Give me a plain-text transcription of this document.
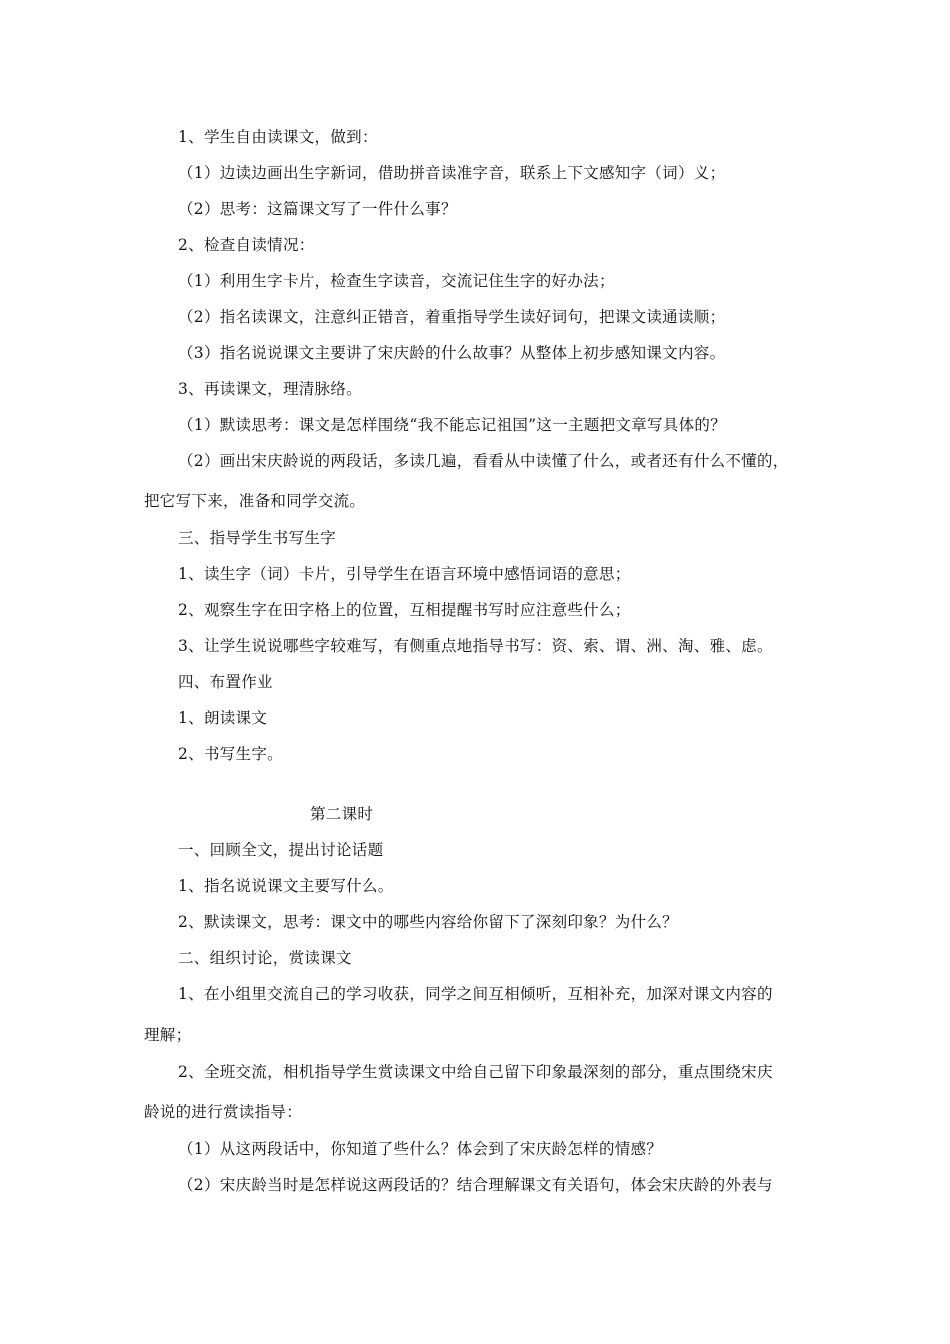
1、学生自由读课文，做到：
（1）边读边画出生字新词，借助拼音读准字音，联系上下文感知字（词）义；
（2）思考：这篇课文写了一件什么事？
2、检查自读情况：
（1）利用生字卡片，检查生字读音，交流记住生字的好办法；
（2）指名读课文，注意纠正错音，着重指导学生读好词句，把课文读通读顺；
（3）指名说说课文主要讲了宋庆龄的什么故事？从整体上初步感知课文内容。
3、再读课文，理清脉络。
（1）默读思考：课文是怎样围绕“我不能忘记祖国”这一主题把文章写具体的？
（2）画出宋庆龄说的两段话，多读几遍，看看从中读懂了什么，或者还有什么不懂的，
把它写下来，准备和同学交流。
三、指导学生书写生字
1、读生字（词）卡片，引导学生在语言环境中感悟词语的意思；
2、观察生字在田字格上的位置，互相提醒书写时应注意些什么；
3、让学生说说哪些字较难写，有侧重点地指导书写：资、索、谓、洲、淘、雅、虑。
四、布置作业
1、朗读课文
2、书写生字。
第二课时
一、回顾全文，提出讨论话题
1、指名说说课文主要写什么。
2、默读课文，思考：课文中的哪些内容给你留下了深刻印象？为什么？
二、组织讨论，赏读课文
1、在小组里交流自己的学习收获，同学之间互相倾听，互相补充，加深对课文内容的
理解；
2、全班交流，相机指导学生赏读课文中给自己留下印象最深刻的部分，重点围绕宋庆
龄说的进行赏读指导：
（1）从这两段话中，你知道了些什么？体会到了宋庆龄怎样的情感？
（2）宋庆龄当时是怎样说这两段话的？结合理解课文有关语句，体会宋庆龄的外表与
